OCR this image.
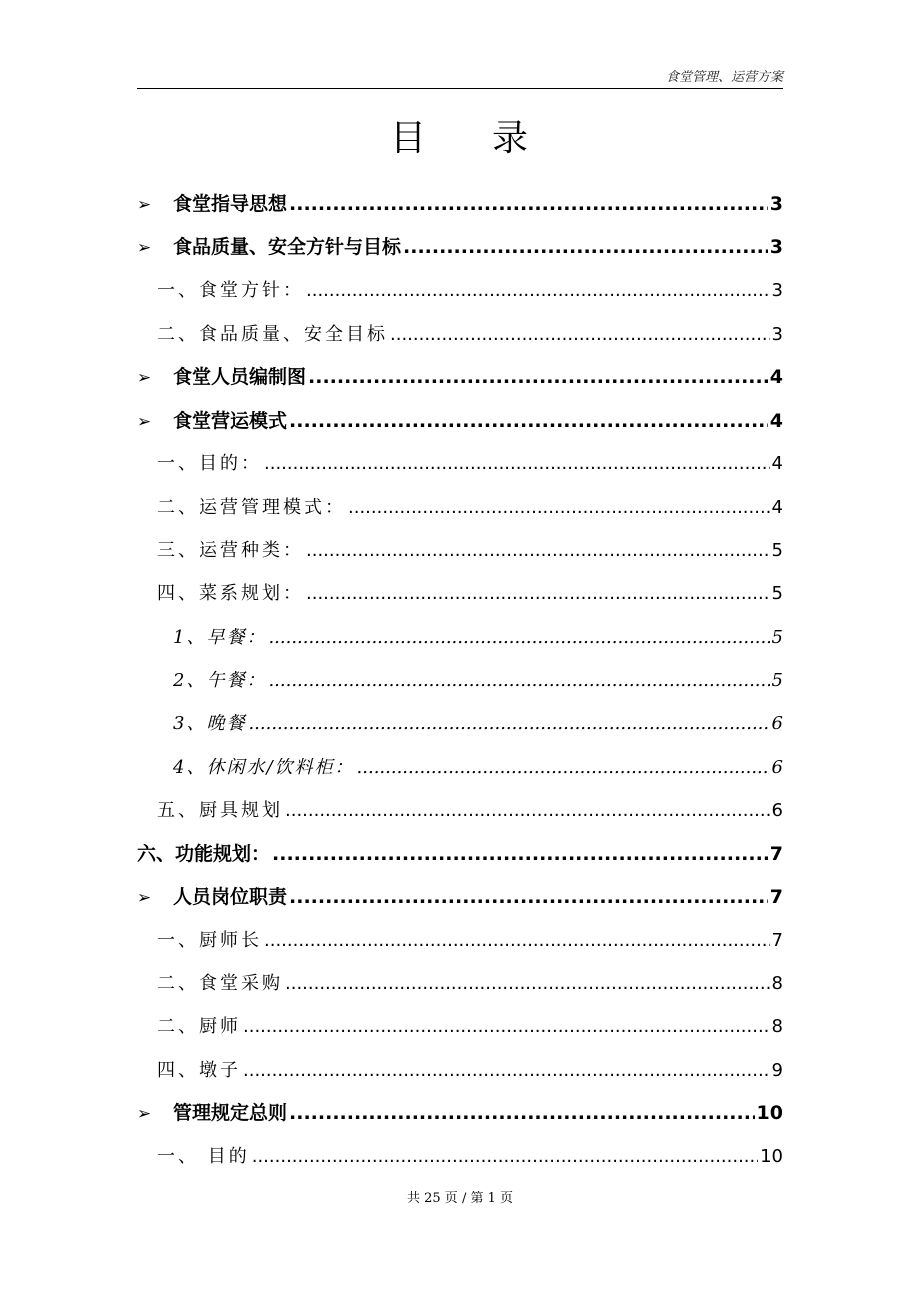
食堂管理、运营方案
目 录
➢	食堂指导思想 .....	3
➢	食品质量、安全方针与目标 .....	3
一、食堂方针： .....	3
二、食品质量、安全目标 .....	3
➢	食堂人员编制图 .....	4
➢	食堂营运模式 .....	4
一、目的： .....	4
二、运营管理模式： .....	4
三、运营种类： .....	5
四、菜系规划： .....	5
1、早餐： .....	5
2、午餐： .....	5
3、晚餐 .....	6
4、休闲水/饮料柜： .....	6
五、厨具规划 .....	6
六、功能规划： .....	7
➢	人员岗位职责 .....	7
一、厨师长 .....	7
二、食堂采购 .....	8
二、厨师 .....	8
四、墩子 .....	9
➢	管理规定总则 .....	10
一、 目的 .....	10
共 25 页 / 第 1 页
